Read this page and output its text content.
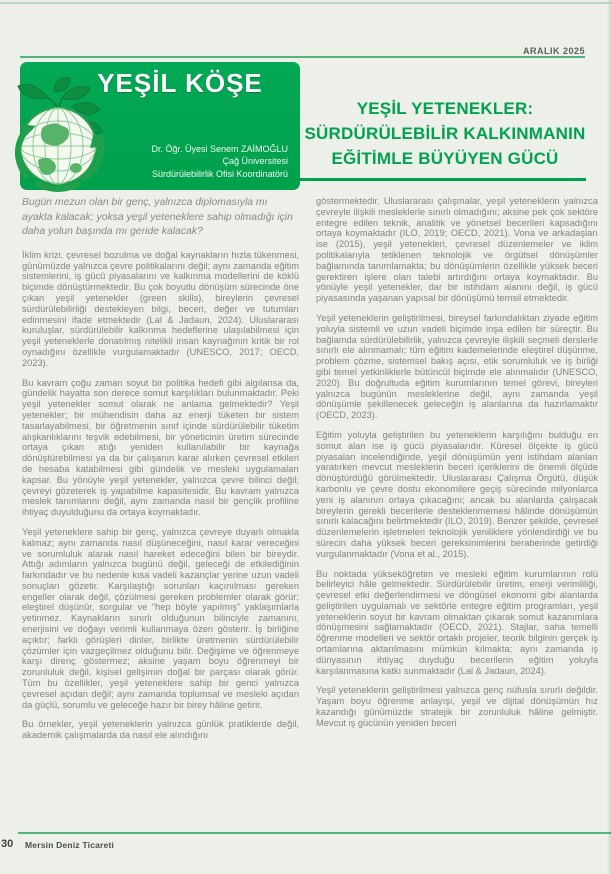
ARALIK 2025
YEŞİL KÖŞE
Dr. Öğr. Üyesi Senem ZAİMOĞLU
Çağ Üniversitesi
Sürdürülebilirlik Ofisi Koordinatörü
YEŞİL YETENEKLER:
SÜRDÜRÜLEBİLİR KALKINMANIN
EĞİTİMLE BÜYÜYEN GÜCÜ

Bugün mezun olan bir genç, yalnızca diplomasıyla mı ayakta kalacak; yoksa yeşil yeteneklere sahip olmadığı için daha yolun başında mı geride kalacak?

İklim krizi, çevresel bozulma ve doğal kaynakların hızla tükenmesi, günümüzde yalnızca çevre politikalarını değil; aynı zamanda eğitim sistemlerini, iş gücü piyasalarını ve kalkınma modellerini de köklü biçimde dönüştürmektedir. Bu çok boyutlu dönüşüm sürecinde öne çıkan yeşil yetenekler (green skills), bireylerin çevresel sürdürülebilirliği destekleyen bilgi, beceri, değer ve tutumları edinmesini ifade etmektedir (Lal & Jadaun, 2024). Uluslararası kuruluşlar, sürdürülebilir kalkınma hedeflerine ulaşılabilmesi için yeşil yeteneklerle donatılmış nitelikli insan kaynağının kritik bir rol oynadığını özellikle vurgulamaktadır (UNESCO, 2017; OECD, 2023).

Bu kavram çoğu zaman soyut bir politika hedefi gibi algılansa da, gündelik hayatta son derece somut karşılıkları bulunmaktadır. Peki yeşil yetenekler somut olarak ne anlama gelmektedir? Yeşil yetenekler; bir mühendisin daha az enerji tüketen bir sistem tasarlayabilmesi, bir öğretmenin sınıf içinde sürdürülebilir tüketim alışkanlıklarını teşvik edebilmesi, bir yöneticinin üretim sürecinde ortaya çıkan atığı yeniden kullanılabilir bir kaynağa dönüştürebilmesi ya da bir çalışanın karar alırken çevresel etkileri de hesaba katabilmesi gibi gündelik ve mesleki uygulamaları kapsar. Bu yönüyle yeşil yetenekler, yalnızca çevre bilinci değil; çevreyi gözeterek iş yapabilme kapasitesidir. Bu kavram yalnızca meslek tanımlarını değil, aynı zamanda nasıl bir gençlik profiline ihtiyaç duyulduğunu da ortaya koymaktadır.

Yeşil yeteneklere sahip bir genç, yalnızca çevreye duyarlı olmakla kalmaz; aynı zamanda nasıl düşüneceğini, nasıl karar vereceğini ve sorumluluk alarak nasıl hareket edeceğini bilen bir bireydir. Attığı adımların yalnızca bugünü değil, geleceği de etkilediğinin farkındadır ve bu nedenle kısa vadeli kazançlar yerine uzun vadeli sonuçları gözetir. Karşılaştığı sorunları kaçınılması gereken engeller olarak değil, çözülmesi gereken problemler olarak görür; eleştirel düşünür, sorgular ve “hep böyle yapılmış” yaklaşımlarla yetinmez. Kaynakların sınırlı olduğunun bilinciyle zamanını, enerjisini ve doğayı verimli kullanmaya özen gösterir. İş birliğine açıktır; farklı görüşleri dinler, birlikte üretmenin sürdürülebilir çözümler için vazgeçilmez olduğunu bilir. Değişime ve öğrenmeye karşı direnç göstermez; aksine yaşam boyu öğrenmeyi bir zorunluluk değil, kişisel gelişimin doğal bir parçası olarak görür. Tüm bu özellikler, yeşil yeteneklere sahip bir genci yalnızca çevresel açıdan değil; aynı zamanda toplumsal ve mesleki açıdan da güçlü, sorumlu ve geleceğe hazır bir birey hâline getirir.

Bu örnekler, yeşil yeteneklerin yalnızca günlük pratiklerde değil, akademik çalışmalarda da nasıl ele alındığını

göstermektedir. Uluslararası çalışmalar, yeşil yeteneklerin yalnızca çevreyle ilişkili mesleklerle sınırlı olmadığını; aksine pek çok sektöre entegre edilen teknik, analitik ve yönetsel becerileri kapsadığını ortaya koymaktadır (ILO, 2019; OECD, 2021). Vona ve arkadaşları ise (2015), yeşil yetenekleri, çevresel düzenlemeler ve iklim politikalarıyla tetiklenen teknolojik ve örgütsel dönüşümler bağlamında tanımlamakta; bu dönüşümlerin özellikle yüksek beceri gerektiren işlere olan talebi artırdığını ortaya koymaktadır. Bu yönüyle yeşil yetenekler, dar bir istihdam alanını değil, iş gücü piyasasında yaşanan yapısal bir dönüşümü temsil etmektedir.

Yeşil yeteneklerin geliştirilmesi, bireysel farkındalıktan ziyade eğitim yoluyla sistemli ve uzun vadeli biçimde inşa edilen bir süreçtir. Bu bağlamda sürdürülebilirlik, yalnızca çevreyle ilişkili seçmeli derslerle sınırlı ele alınmamalı; tüm eğitim kademelerinde eleştirel düşünme, problem çözme, sistemsel bakış açısı, etik sorumluluk ve iş birliği gibi temel yetkinliklerle bütüncül biçimde ele alınmalıdır (UNESCO, 2020). Bu doğrultuda eğitim kurumlarının temel görevi, bireyleri yalnızca bugünün mesleklerine değil, aynı zamanda yeşil dönüşümle şekillenecek geleceğin iş alanlarına da hazırlamaktır (OECD, 2023).

Eğitim yoluyla geliştirilen bu yeteneklerin karşılığını bulduğu en somut alan ise iş gücü piyasalarıdır. Küresel ölçekte iş gücü piyasaları incelendiğinde, yeşil dönüşümün yeni istihdam alanları yaratırken mevcut mesleklerin beceri içeriklerini de önemli ölçüde dönüştürdüğü görülmektedir. Uluslararası Çalışma Örgütü, düşük karbonlu ve çevre dostu ekonomilere geçiş sürecinde milyonlarca yeni iş alanının ortaya çıkacağını; ancak bu alanlarda çalışacak bireylerin gerekli becerilerle desteklenmemesi hâlinde dönüşümün sınırlı kalacağını belirtmektedir (ILO, 2019). Benzer şekilde, çevresel düzenlemelerin işletmeleri teknolojik yeniliklere yönlendirdiği ve bu sürecin daha yüksek beceri gereksinimlerini beraberinde getirdiği vurgulanmaktadır (Vona et al., 2015).

Bu noktada yükseköğretim ve mesleki eğitim kurumlarının rolü belirleyici hâle gelmektedir. Sürdürülebilir üretim, enerji verimliliği, çevresel etki değerlendirmesi ve döngüsel ekonomi gibi alanlarda geliştirilen uygulamalı ve sektörle entegre eğitim programları, yeşil yeteneklerin soyut bir kavram olmaktan çıkarak somut kazanımlara dönüşmesini sağlamaktadır (OECD, 2021). Stajlar, saha temelli öğrenme modelleri ve sektör ortaklı projeler, teorik bilginin gerçek iş ortamlarına aktarılmasını mümkün kılmakta; aynı zamanda iş dünyasının ihtiyaç duyduğu becerilerin eğitim yoluyla karşılanmasına katkı sunmaktadır (Lal & Jadaun, 2024).

Yeşil yeteneklerin geliştirilmesi yalnızca genç nüfusla sınırlı değildir. Yaşam boyu öğrenme anlayışı, yeşil ve dijital dönüşümün hız kazandığı günümüzde stratejik bir zorunluluk hâline gelmiştir. Mevcut iş gücünün yeniden beceri

30 Mersin Deniz Ticareti
